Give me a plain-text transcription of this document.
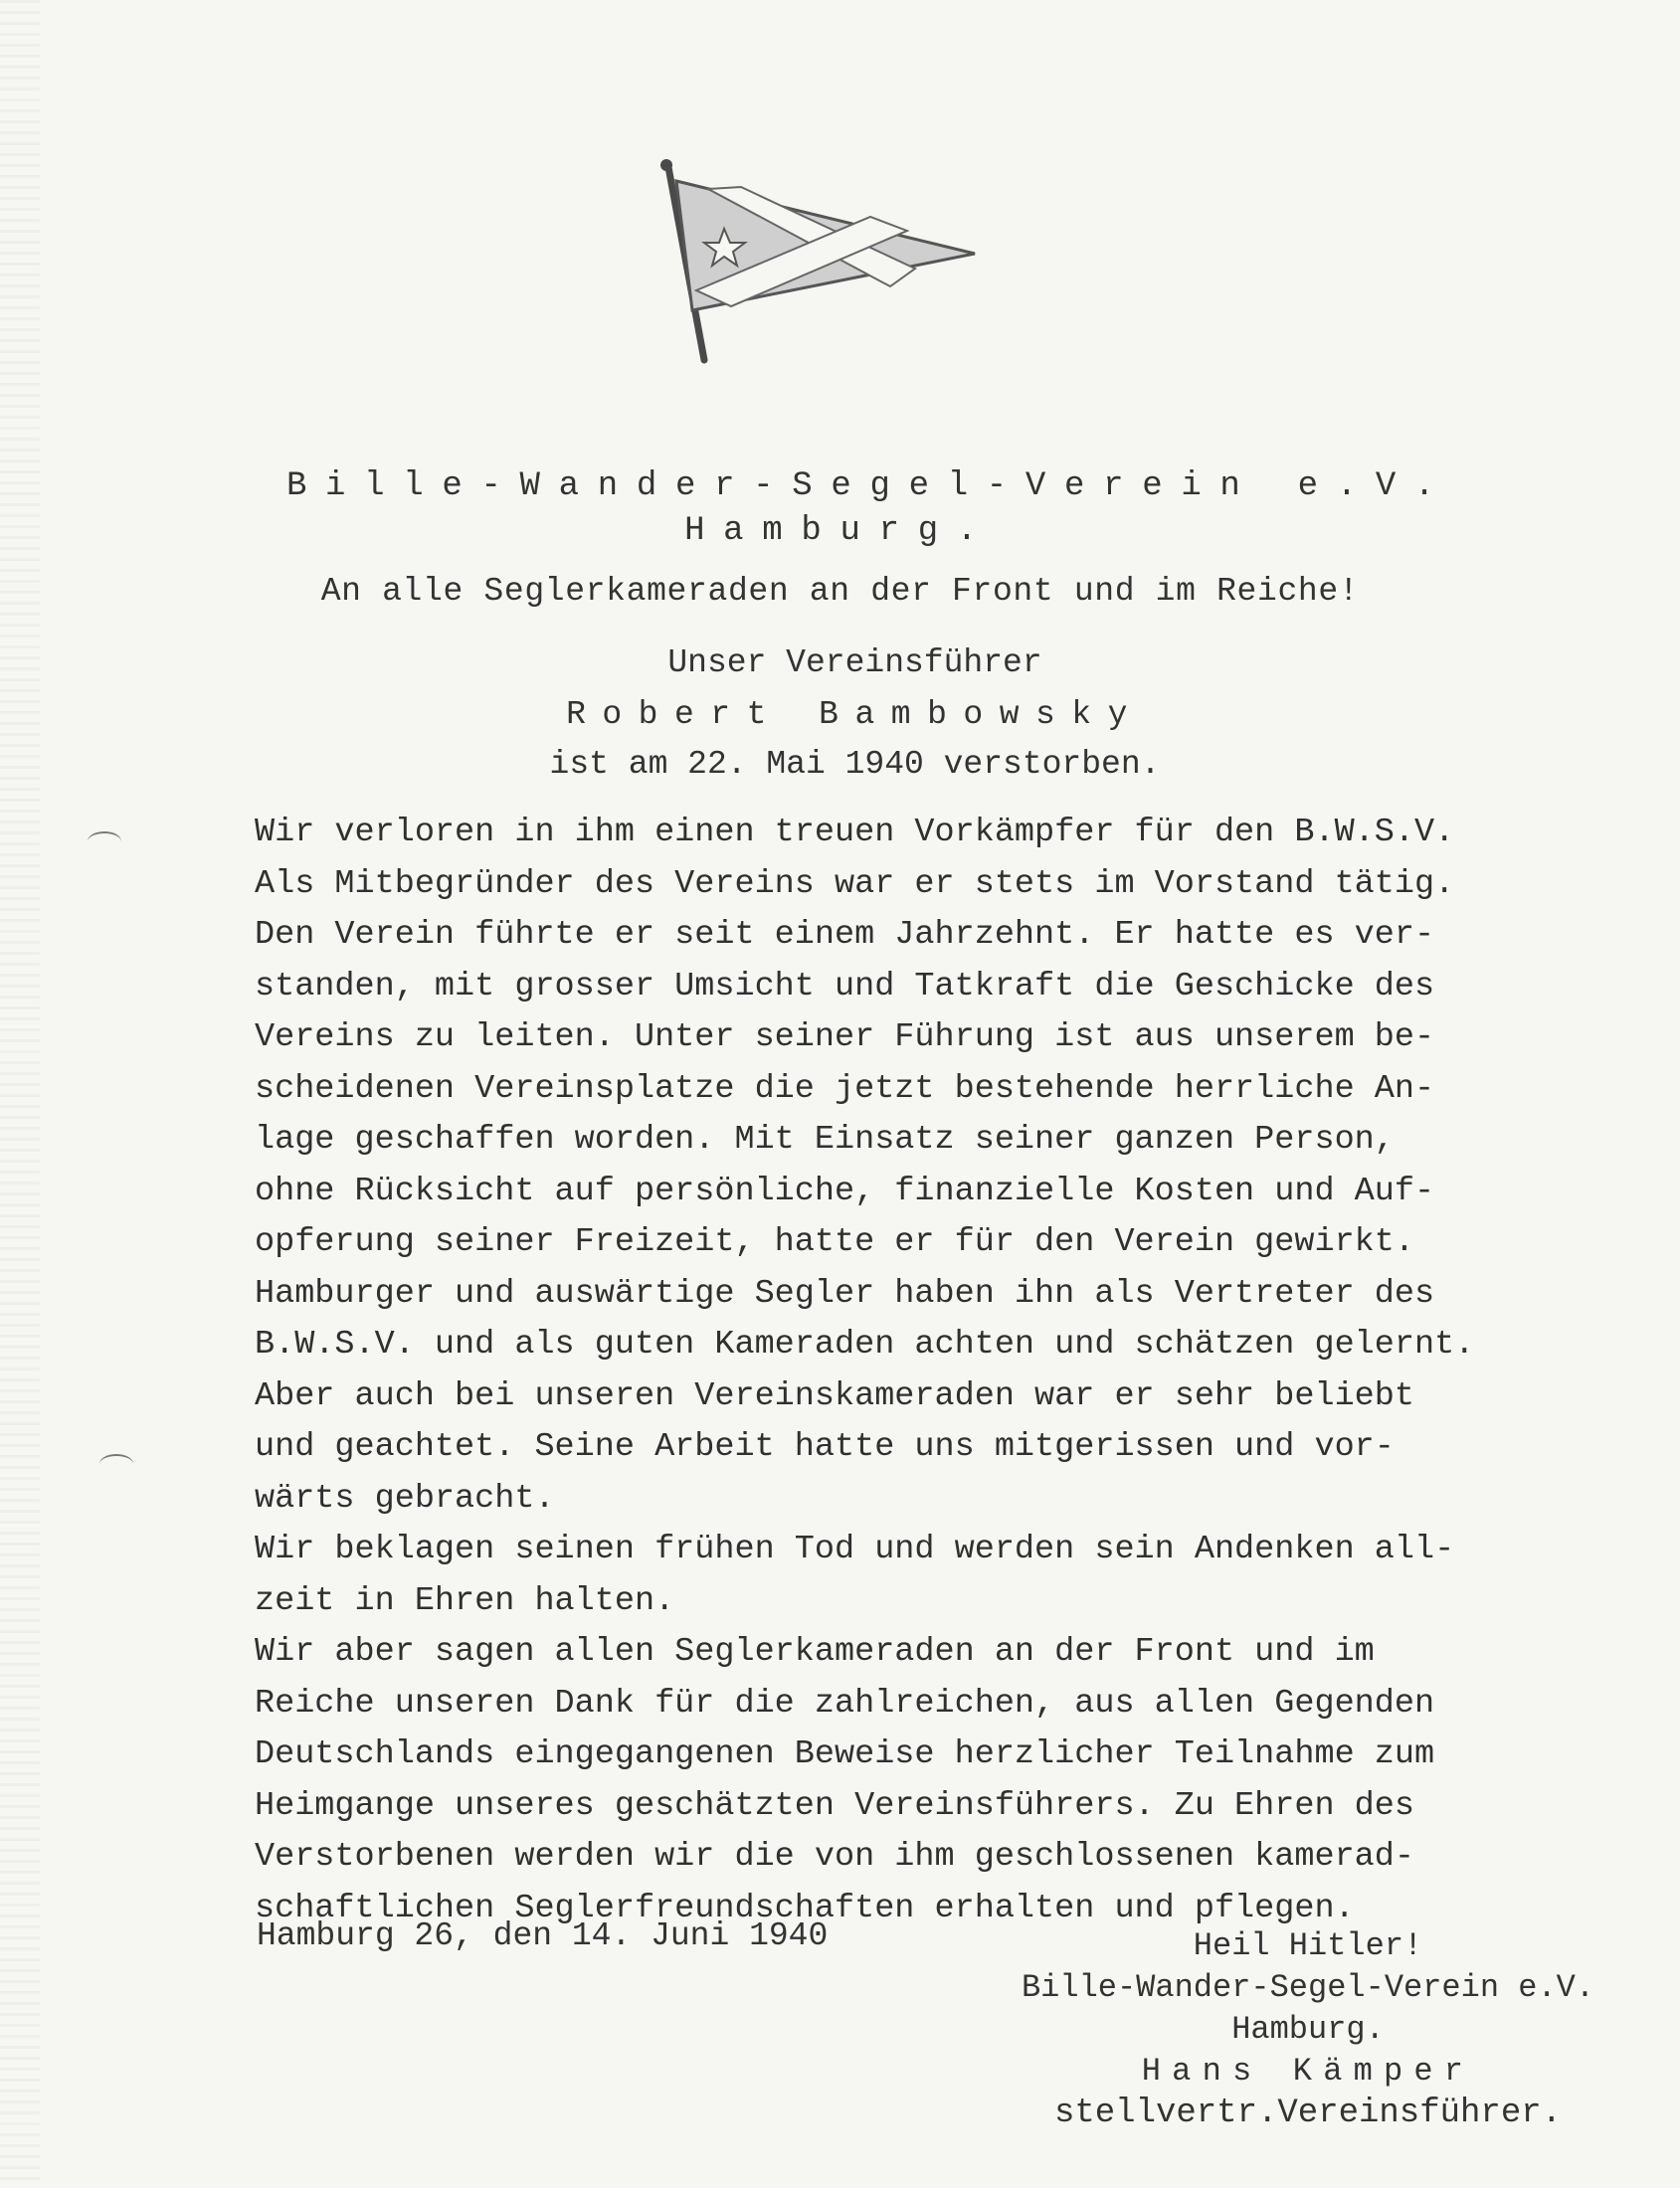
Bille-Wander-Segel-Verein e.V.
Hamburg.
An alle Seglerkameraden an der Front und im Reiche!
Unser Vereinsführer
Robert Bambowsky
ist am 22. Mai 1940 verstorben.
Wir verloren in ihm einen treuen Vorkämpfer für den B.W.S.V.
Als Mitbegründer des Vereins war er stets im Vorstand tätig.
Den Verein führte er seit einem Jahrzehnt. Er hatte es ver-
standen, mit grosser Umsicht und Tatkraft die Geschicke des
Vereins zu leiten. Unter seiner Führung ist aus unserem be-
scheidenen Vereinsplatze die jetzt bestehende herrliche An-
lage geschaffen worden. Mit Einsatz seiner ganzen Person,
ohne Rücksicht auf persönliche, finanzielle Kosten und Auf-
opferung seiner Freizeit, hatte er für den Verein gewirkt.
Hamburger und auswärtige Segler haben ihn als Vertreter des
B.W.S.V. und als guten Kameraden achten und schätzen gelernt.
Aber auch bei unseren Vereinskameraden war er sehr beliebt
und geachtet. Seine Arbeit hatte uns mitgerissen und vor-
wärts gebracht.
Wir beklagen seinen frühen Tod und werden sein Andenken all-
zeit in Ehren halten.
Wir aber sagen allen Seglerkameraden an der Front und im
Reiche unseren Dank für die zahlreichen, aus allen Gegenden
Deutschlands eingegangenen Beweise herzlicher Teilnahme zum
Heimgange unseres geschätzten Vereinsführers. Zu Ehren des
Verstorbenen werden wir die von ihm geschlossenen kamerad-
schaftlichen Seglerfreundschaften erhalten und pflegen.
Hamburg 26, den 14. Juni 1940	Heil Hitler!
Bille-Wander-Segel-Verein e.V.
Hamburg.
Hans Kämper
stellvertr.Vereinsführer.
